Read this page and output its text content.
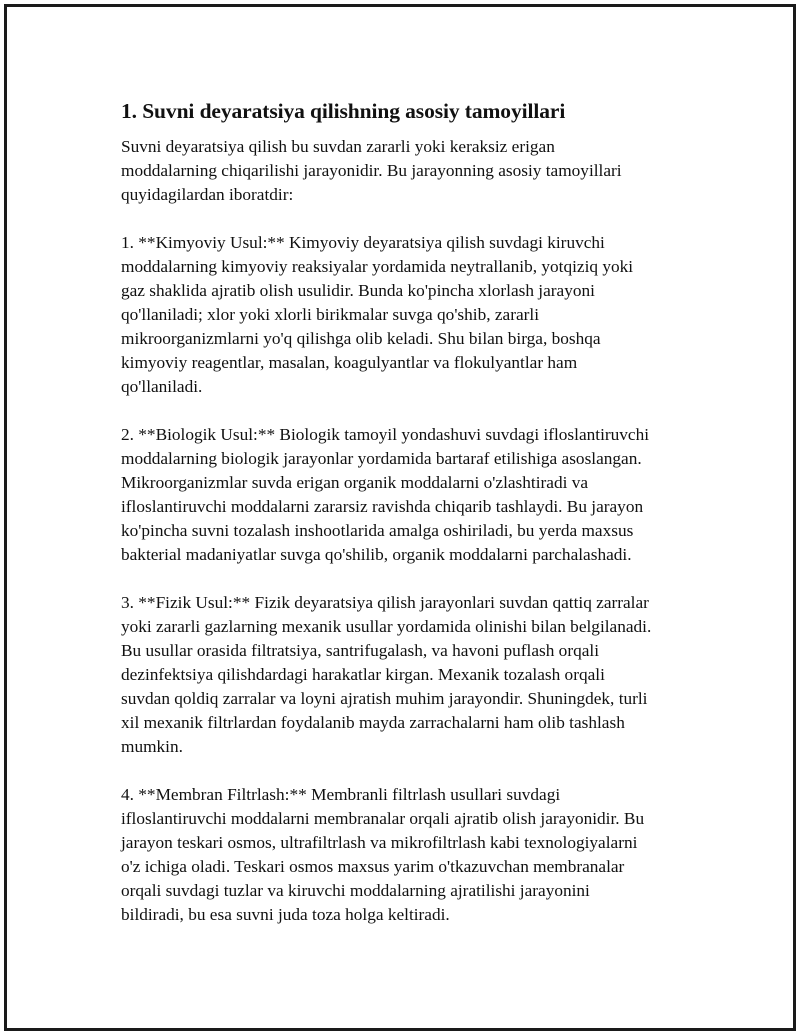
1. Suvni deyaratsiya qilishning asosiy tamoyillari

Suvni deyaratsiya qilish bu suvdan zararli yoki keraksiz erigan
moddalarning chiqarilishi jarayonidir. Bu jarayonning asosiy tamoyillari
quyidagilardan iboratdir:

1. **Kimyoviy Usul:** Kimyoviy deyaratsiya qilish suvdagi kiruvchi
moddalarning kimyoviy reaksiyalar yordamida neytrallanib, yotqiziq yoki
gaz shaklida ajratib olish usulidir. Bunda ko'pincha xlorlash jarayoni
qo'llaniladi; xlor yoki xlorli birikmalar suvga qo'shib, zararli
mikroorganizmlarni yo'q qilishga olib keladi. Shu bilan birga, boshqa
kimyoviy reagentlar, masalan, koagulyantlar va flokulyantlar ham
qo'llaniladi.

2. **Biologik Usul:** Biologik tamoyil yondashuvi suvdagi ifloslantiruvchi
moddalarning biologik jarayonlar yordamida bartaraf etilishiga asoslangan.
Mikroorganizmlar suvda erigan organik moddalarni o'zlashtiradi va
ifloslantiruvchi moddalarni zararsiz ravishda chiqarib tashlaydi. Bu jarayon
ko'pincha suvni tozalash inshootlarida amalga oshiriladi, bu yerda maxsus
bakterial madaniyatlar suvga qo'shilib, organik moddalarni parchalashadi.

3. **Fizik Usul:** Fizik deyaratsiya qilish jarayonlari suvdan qattiq zarralar
yoki zararli gazlarning mexanik usullar yordamida olinishi bilan belgilanadi.
Bu usullar orasida filtratsiya, santrifugalash, va havoni puflash orqali
dezinfektsiya qilishdardagi harakatlar kirgan. Mexanik tozalash orqali
suvdan qoldiq zarralar va loyni ajratish muhim jarayondir. Shuningdek, turli
xil mexanik filtrlardan foydalanib mayda zarrachalarni ham olib tashlash
mumkin.

4. **Membran Filtrlash:** Membranli filtrlash usullari suvdagi
ifloslantiruvchi moddalarni membranalar orqali ajratib olish jarayonidir. Bu
jarayon teskari osmos, ultrafiltrlash va mikrofiltrlash kabi texnologiyalarni
o'z ichiga oladi. Teskari osmos maxsus yarim o'tkazuvchan membranalar
orqali suvdagi tuzlar va kiruvchi moddalarning ajratilishi jarayonini
bildiradi, bu esa suvni juda toza holga keltiradi.
